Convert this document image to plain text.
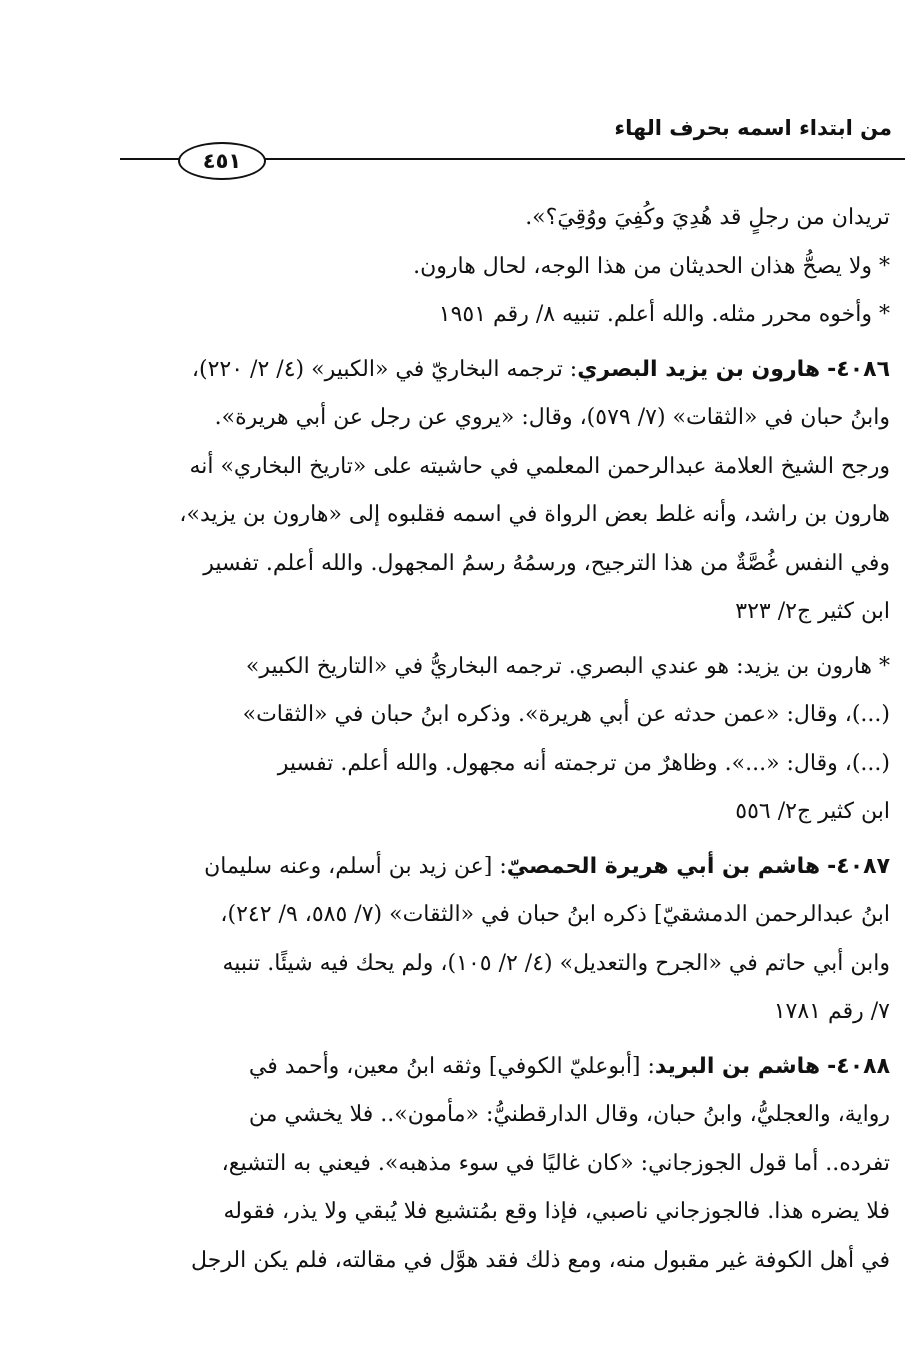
من ابتداء اسمه بحرف الهاء
٤٥١

تريدان من رجلٍ قد هُدِيَ وكُفِيَ ووُقِيَ؟».

* ولا يصحُّ هذان الحديثان من هذا الوجه، لحال هارون.

* وأخوه محرر مثله. والله أعلم. تنبيه ٨/ رقم ١٩٥١

٤٠٨٦- هارون بن يزيد البصري: ترجمه البخاريّ في «الكبير» (٤/ ٢/ ٢٢٠)،

وابنُ حبان في «الثقات» (٧/ ٥٧٩)، وقال: «يروي عن رجل عن أبي هريرة».

ورجح الشيخ العلامة عبدالرحمن المعلمي في حاشيته على «تاريخ البخاري» أنه

هارون بن راشد، وأنه غلط بعض الرواة في اسمه فقلبوه إلى «هارون بن يزيد»،

وفي النفس غُصَّةٌ من هذا الترجيح، ورسمُهُ رسمُ المجهول. والله أعلم. تفسير

ابن كثير ج٢/ ٣٢٣

* هارون بن يزيد: هو عندي البصري. ترجمه البخاريُّ في «التاريخ الكبير»

(...)، وقال: «عمن حدثه عن أبي هريرة». وذكره ابنُ حبان في «الثقات»

(...)، وقال: «...». وظاهرٌ من ترجمته أنه مجهول. والله أعلم. تفسير

ابن كثير ج٢/ ٥٥٦

٤٠٨٧- هاشم بن أبي هريرة الحمصيّ: [عن زيد بن أسلم، وعنه سليمان

ابنُ عبدالرحمن الدمشقيّ] ذكره ابنُ حبان في «الثقات» (٧/ ٥٨٥، ٩/ ٢٤٢)،

وابن أبي حاتم في «الجرح والتعديل» (٤/ ٢/ ١٠٥)، ولم يحك فيه شيئًا. تنبيه

٧/ رقم ١٧٨١

٤٠٨٨- هاشم بن البريد: [أبوعليّ الكوفي] وثقه ابنُ معين، وأحمد في

رواية، والعجليُّ، وابنُ حبان، وقال الدارقطنيُّ: «مأمون».. فلا يخشي من

تفرده.. أما قول الجوزجاني: «كان غاليًا في سوء مذهبه». فيعني به التشيع،

فلا يضره هذا. فالجوزجاني ناصبي، فإذا وقع بمُتشيع فلا يُبقي ولا يذر، فقوله

في أهل الكوفة غير مقبول منه، ومع ذلك فقد هوَّل في مقالته، فلم يكن الرجل
